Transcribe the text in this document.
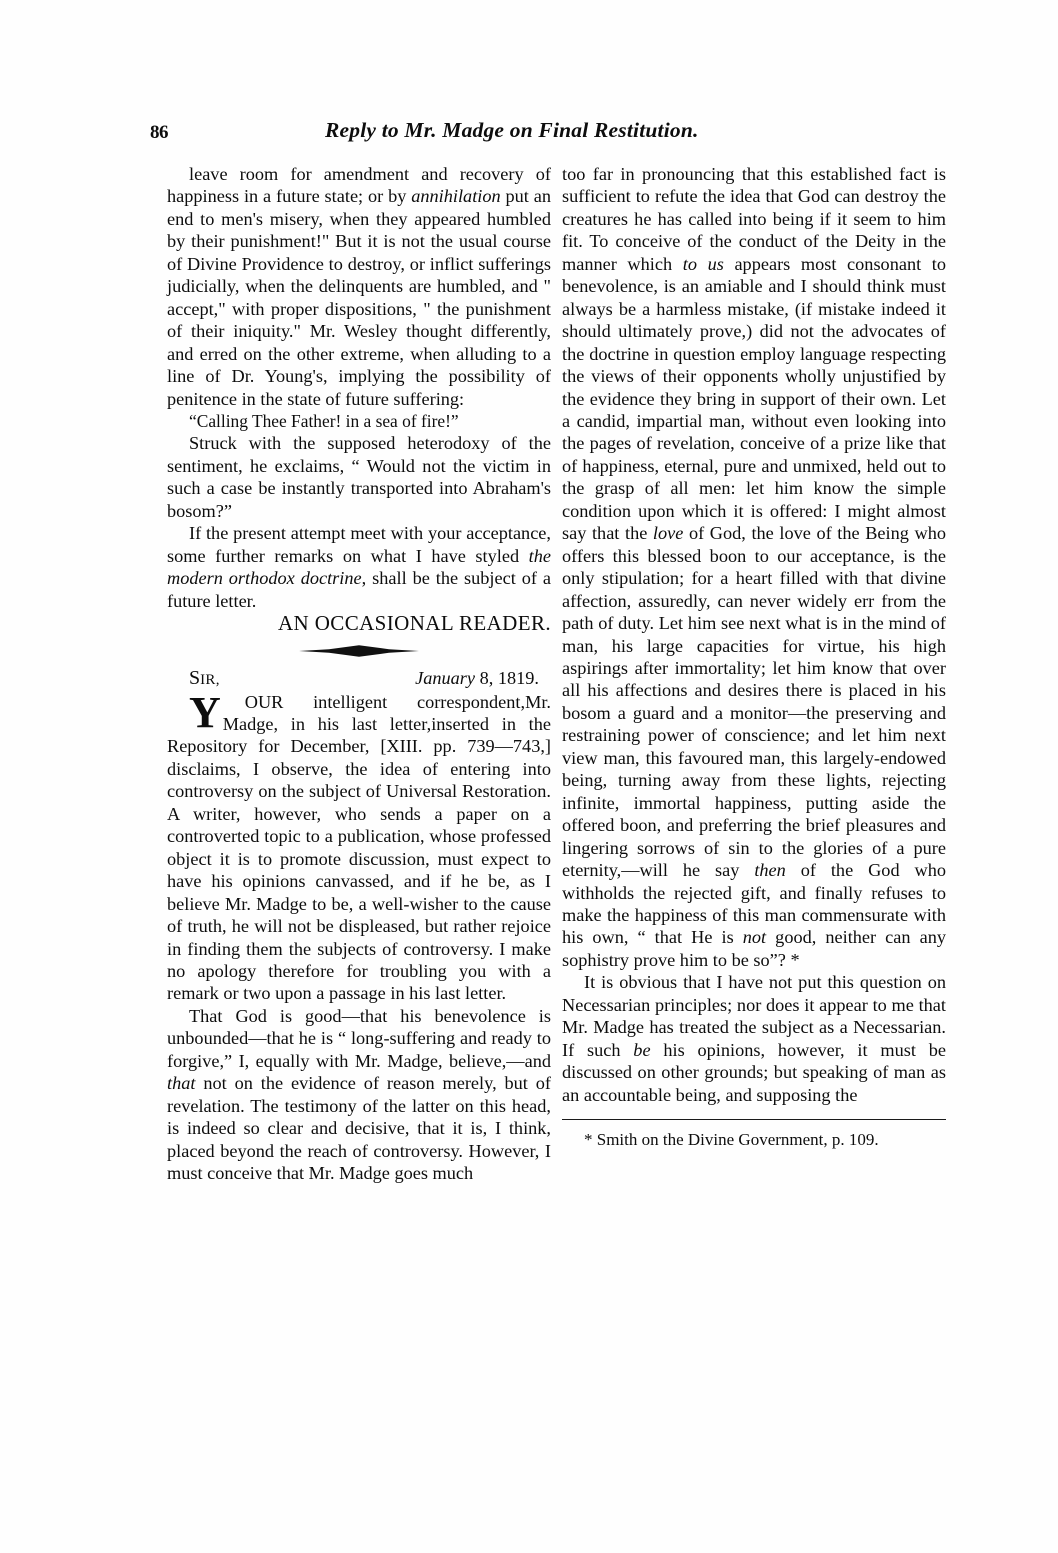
86	Reply to Mr. Madge on Final Restitution.

leave room for amendment and recovery of happiness in a future state; or by annihilation put an end to men's misery, when they appeared humbled by their punishment!" But it is not the usual course of Divine Providence to destroy, or inflict sufferings judicially, when the delinquents are humbled, and " accept," with proper dispositions, " the punishment of their iniquity." Mr. Wesley thought differently, and erred on the other extreme, when alluding to a line of Dr. Young's, implying the possibility of penitence in the state of future suffering:

“Calling Thee Father! in a sea of fire!”

Struck with the supposed heterodoxy of the sentiment, he exclaims, “ Would not the victim in such a case be instantly transported into Abraham's bosom?”

If the present attempt meet with your acceptance, some further remarks on what I have styled the modern orthodox doctrine, shall be the subject of a future letter.

AN OCCASIONAL READER.

SIR,	January 8, 1819.

Y OUR intelligent correspondent,Mr. Madge, in his last letter,inserted in the Repository for December, [XIII. pp. 739—743,] disclaims, I observe, the idea of entering into controversy on the subject of Universal Restoration. A writer, however, who sends a paper on a controverted topic to a publication, whose professed object it is to promote discussion, must expect to have his opinions canvassed, and if he be, as I believe Mr. Madge to be, a well-wisher to the cause of truth, he will not be displeased, but rather rejoice in finding them the subjects of controversy. I make no apology therefore for troubling you with a remark or two upon a passage in his last letter.

That God is good—that his benevolence is unbounded—that he is “ long-suffering and ready to forgive,” I, equally with Mr. Madge, believe,—and that not on the evidence of reason merely, but of revelation. The testimony of the latter on this head, is indeed so clear and decisive, that it is, I think, placed beyond the reach of controversy. However, I must conceive that Mr. Madge goes much

too far in pronouncing that this established fact is sufficient to refute the idea that God can destroy the creatures he has called into being if it seem to him fit. To conceive of the conduct of the Deity in the manner which to us appears most consonant to benevolence, is an amiable and I should think must always be a harmless mistake, (if mistake indeed it should ultimately prove,) did not the advocates of the doctrine in question employ language respecting the views of their opponents wholly unjustified by the evidence they bring in support of their own. Let a candid, impartial man, without even looking into the pages of revelation, conceive of a prize like that of happiness, eternal, pure and unmixed, held out to the grasp of all men: let him know the simple condition upon which it is offered: I might almost say that the love of God, the love of the Being who offers this blessed boon to our acceptance, is the only stipulation; for a heart filled with that divine affection, assuredly, can never widely err from the path of duty. Let him see next what is in the mind of man, his large capacities for virtue, his high aspirings after immortality; let him know that over all his affections and desires there is placed in his bosom a guard and a monitor—the preserving and restraining power of conscience; and let him next view man, this favoured man, this largely-endowed being, turning away from these lights, rejecting infinite, immortal happiness, putting aside the offered boon, and preferring the brief pleasures and lingering sorrows of sin to the glories of a pure eternity,—will he say then of the God who withholds the rejected gift, and finally refuses to make the happiness of this man commensurate with his own, “ that He is not good, neither can any sophistry prove him to be so”? *

It is obvious that I have not put this question on Necessarian principles; nor does it appear to me that Mr. Madge has treated the subject as a Necessarian. If such be his opinions, however, it must be discussed on other grounds; but speaking of man as an accountable being, and supposing the

* Smith on the Divine Government, p. 109.
